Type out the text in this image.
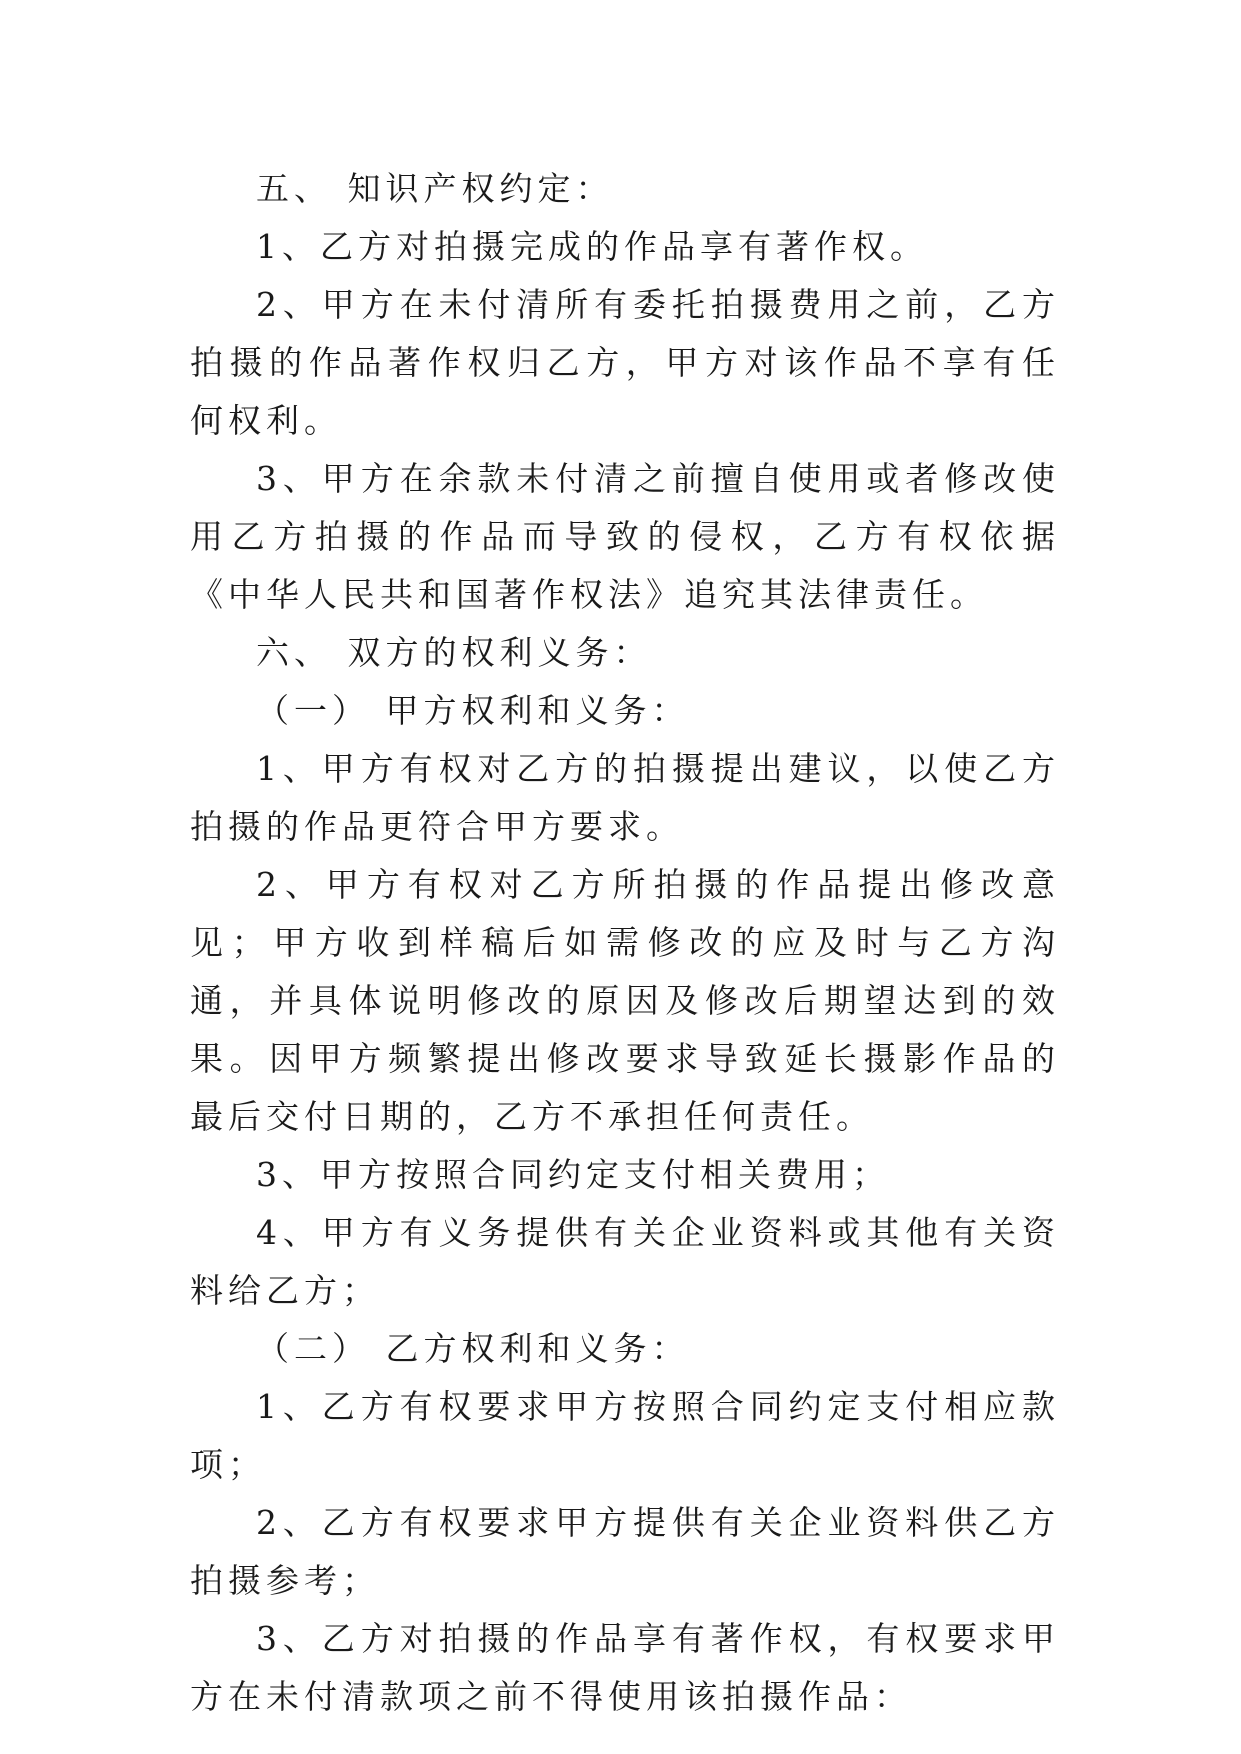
五、 知识产权约定：

1、乙方对拍摄完成的作品享有著作权。

2、甲方在未付清所有委托拍摄费用之前，乙方拍摄的作品著作权归乙方，甲方对该作品不享有任何权利。

3、甲方在余款未付清之前擅自使用或者修改使用乙方拍摄的作品而导致的侵权，乙方有权依据《中华人民共和国著作权法》追究其法律责任。

六、 双方的权利义务：

（一） 甲方权利和义务：

1、甲方有权对乙方的拍摄提出建议，以使乙方拍摄的作品更符合甲方要求。

2、甲方有权对乙方所拍摄的作品提出修改意见；甲方收到样稿后如需修改的应及时与乙方沟通，并具体说明修改的原因及修改后期望达到的效果。因甲方频繁提出修改要求导致延长摄影作品的最后交付日期的，乙方不承担任何责任。

3、甲方按照合同约定支付相关费用；

4、甲方有义务提供有关企业资料或其他有关资料给乙方；

（二） 乙方权利和义务：

1、乙方有权要求甲方按照合同约定支付相应款项；

2、乙方有权要求甲方提供有关企业资料供乙方拍摄参考；

3、乙方对拍摄的作品享有著作权，有权要求甲方在未付清款项之前不得使用该拍摄作品：
